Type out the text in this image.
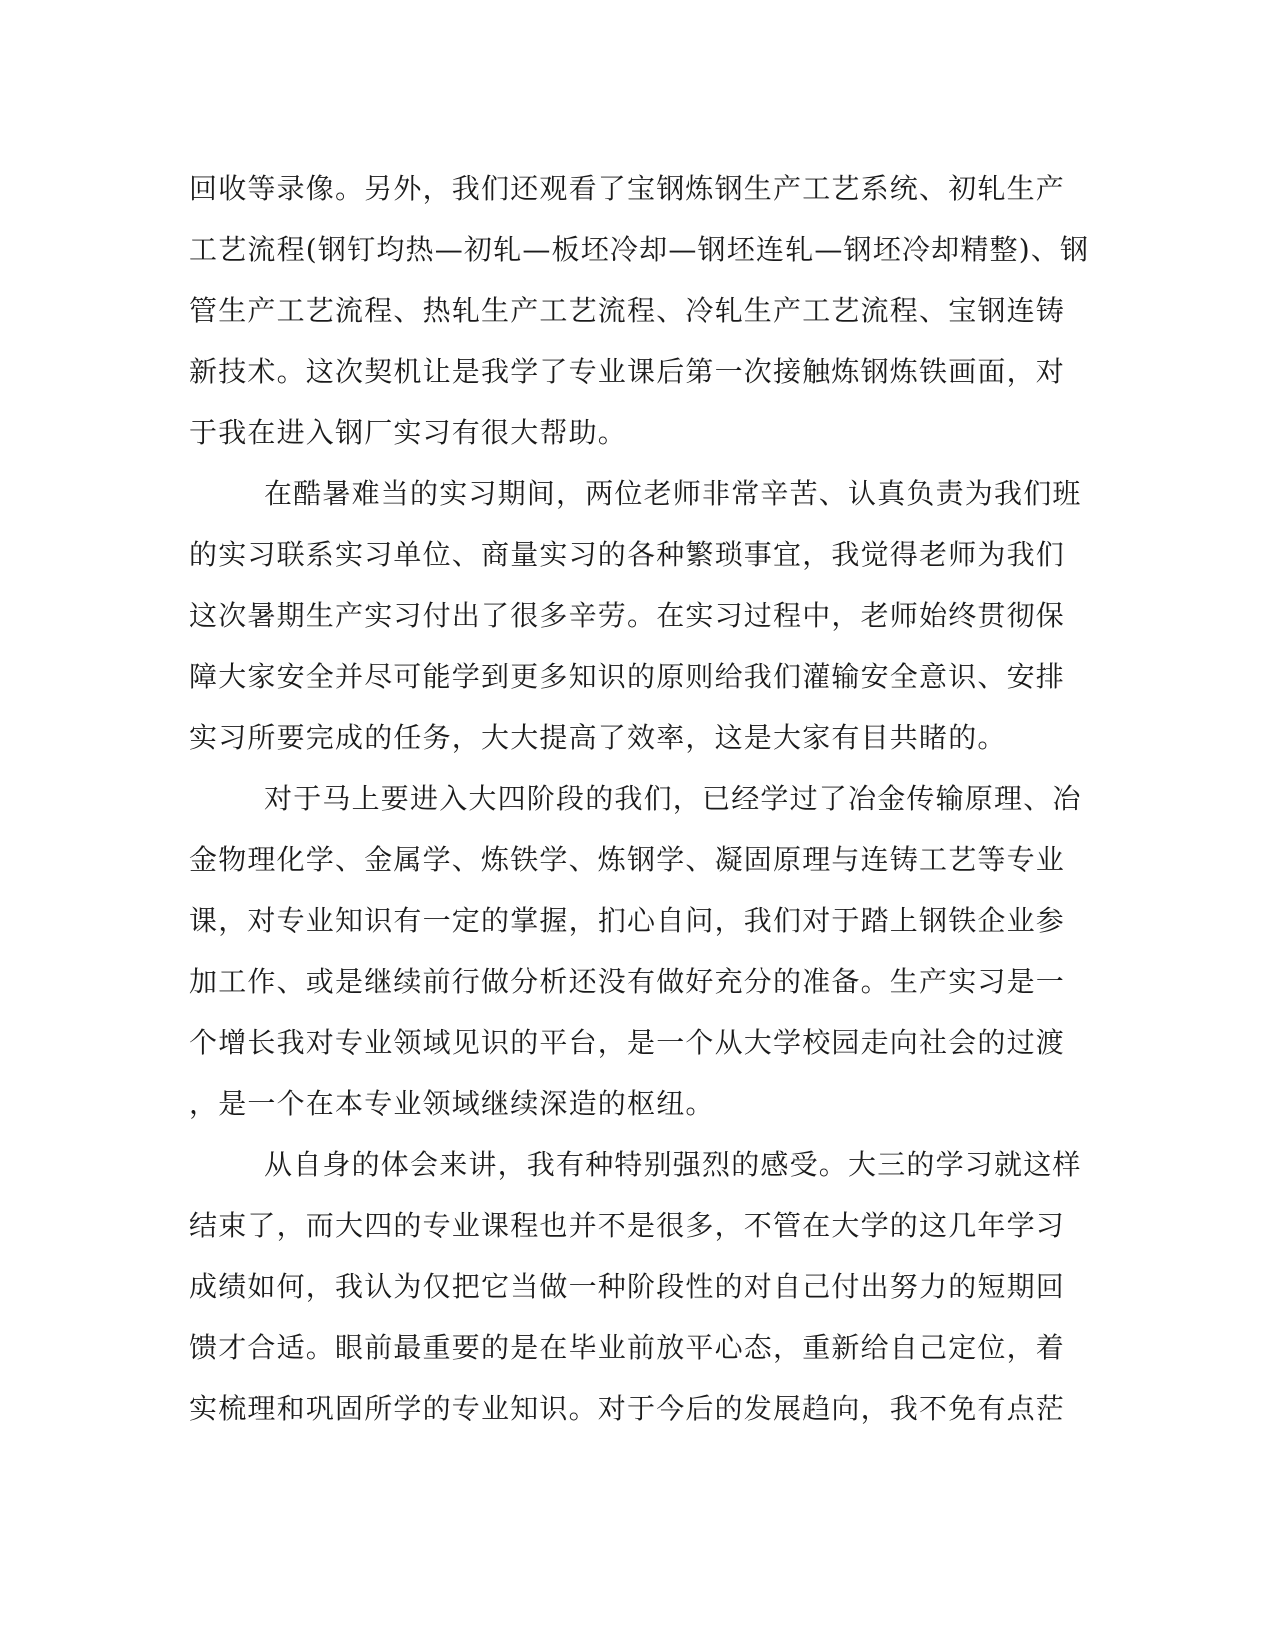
回收等录像。另外，我们还观看了宝钢炼钢生产工艺系统、初轧生产
工艺流程(钢钉均热—初轧—板坯冷却—钢坯连轧—钢坯冷却精整)、钢
管生产工艺流程、热轧生产工艺流程、冷轧生产工艺流程、宝钢连铸
新技术。这次契机让是我学了专业课后第一次接触炼钢炼铁画面，对
于我在进入钢厂实习有很大帮助。
在酷暑难当的实习期间，两位老师非常辛苦、认真负责为我们班
的实习联系实习单位、商量实习的各种繁琐事宜，我觉得老师为我们
这次暑期生产实习付出了很多辛劳。在实习过程中，老师始终贯彻保
障大家安全并尽可能学到更多知识的原则给我们灌输安全意识、安排
实习所要完成的任务，大大提高了效率，这是大家有目共睹的。
对于马上要进入大四阶段的我们，已经学过了冶金传输原理、冶
金物理化学、金属学、炼铁学、炼钢学、凝固原理与连铸工艺等专业
课，对专业知识有一定的掌握，扪心自问，我们对于踏上钢铁企业参
加工作、或是继续前行做分析还没有做好充分的准备。生产实习是一
个增长我对专业领域见识的平台，是一个从大学校园走向社会的过渡
，是一个在本专业领域继续深造的枢纽。
从自身的体会来讲，我有种特别强烈的感受。大三的学习就这样
结束了，而大四的专业课程也并不是很多，不管在大学的这几年学习
成绩如何，我认为仅把它当做一种阶段性的对自己付出努力的短期回
馈才合适。眼前最重要的是在毕业前放平心态，重新给自己定位，着
实梳理和巩固所学的专业知识。对于今后的发展趋向，我不免有点茫
